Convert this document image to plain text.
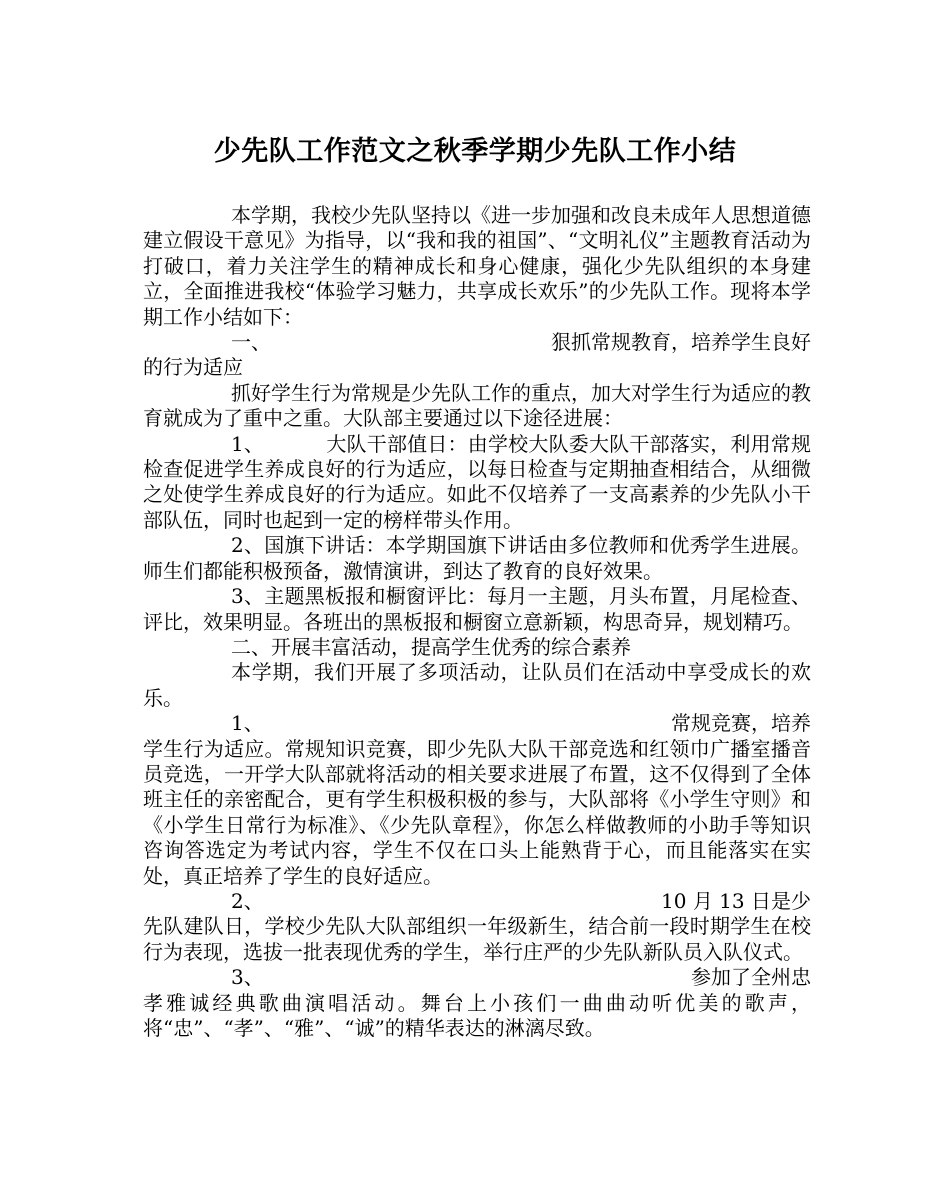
少先队工作范文之秋季学期少先队工作小结

本学期，我校少先队坚持以《进一步加强和改良未成年人思想道德建立假设干意见》为指导，以“我和我的祖国”、“文明礼仪”主题教育活动为打破口，着力关注学生的精神成长和身心健康，强化少先队组织的本身建立，全面推进我校“体验学习魅力，共享成长欢乐”的少先队工作。现将本学期工作小结如下：

一、	狠抓常规教育，培养学生良好

的行为适应

抓好学生行为常规是少先队工作的重点，加大对学生行为适应的教育就成为了重中之重。大队部主要通过以下途径进展：

1、	大队干部值日：由学校大队委大队干部落实，利用常规检查促进学生养成良好的行为适应，以每日检查与定期抽查相结合，从细微之处使学生养成良好的行为适应。如此不仅培养了一支高素养的少先队小干部队伍，同时也起到一定的榜样带头作用。

2、国旗下讲话：本学期国旗下讲话由多位教师和优秀学生进展。师生们都能积极预备，激情演讲，到达了教育的良好效果。

3、主题黑板报和橱窗评比：每月一主题，月头布置，月尾检查、评比，效果明显。各班出的黑板报和橱窗立意新颖，构思奇异，规划精巧。

二、开展丰富活动，提高学生优秀的综合素养

本学期，我们开展了多项活动，让队员们在活动中享受成长的欢乐。

1、	常规竞赛，培养

学生行为适应。常规知识竞赛，即少先队大队干部竞选和红领巾广播室播音员竞选，一开学大队部就将活动的相关要求进展了布置，这不仅得到了全体班主任的亲密配合，更有学生积极积极的参与，大队部将《小学生守则》和《小学生日常行为标准》、《少先队章程》，你怎么样做教师的小助手等知识咨询答选定为考试内容，学生不仅在口头上能熟背于心，而且能落实在实处，真正培养了学生的良好适应。

2、	10 月 13 日是少

先队建队日，学校少先队大队部组织一年级新生，结合前一段时期学生在校行为表现，选拔一批表现优秀的学生，举行庄严的少先队新队员入队仪式。

3、	参加了全州忠

孝雅诚经典歌曲演唱活动。舞台上小孩们一曲曲动听优美的歌声，将“忠”、“孝”、“雅”、“诚”的精华表达的淋漓尽致。
